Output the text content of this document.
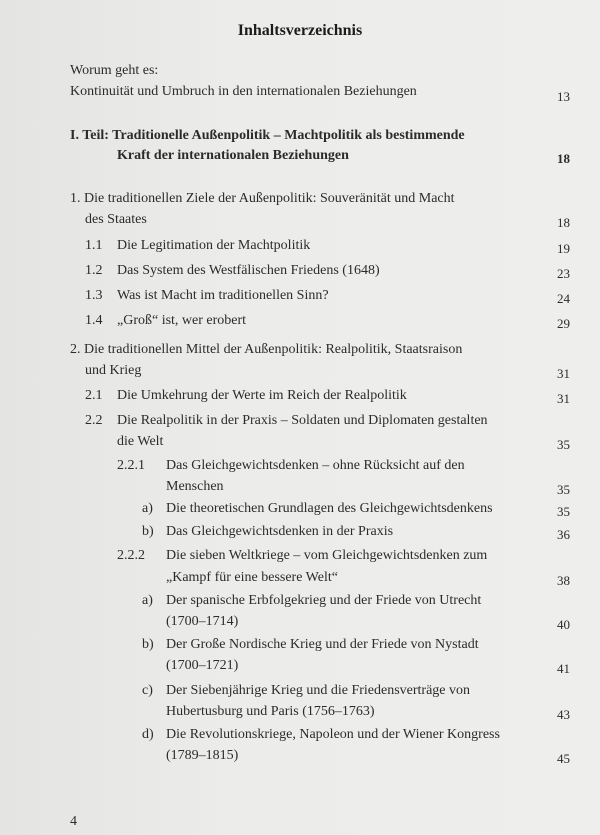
Inhaltsverzeichnis
Worum geht es:
Kontinuität und Umbruch in den internationalen Beziehungen	13
I. Teil: Traditionelle Außenpolitik – Machtpolitik als bestimmende
Kraft der internationalen Beziehungen	18
1. Die traditionellen Ziele der Außenpolitik: Souveränität und Macht
des Staates	18
1.1 Die Legitimation der Machtpolitik	19
1.2 Das System des Westfälischen Friedens (1648)	23
1.3 Was ist Macht im traditionellen Sinn?	24
1.4 „Groß“ ist, wer erobert	29
2. Die traditionellen Mittel der Außenpolitik: Realpolitik, Staatsraison
und Krieg	31
2.1 Die Umkehrung der Werte im Reich der Realpolitik	31
2.2 Die Realpolitik in der Praxis – Soldaten und Diplomaten gestalten
die Welt	35
2.2.1 Das Gleichgewichtsdenken – ohne Rücksicht auf den
Menschen	35
a) Die theoretischen Grundlagen des Gleichgewichtsdenkens	35
b) Das Gleichgewichtsdenken in der Praxis	36
2.2.2 Die sieben Weltkriege – vom Gleichgewichtsdenken zum
„Kampf für eine bessere Welt“	38
a) Der spanische Erbfolgekrieg und der Friede von Utrecht
(1700–1714)	40
b) Der Große Nordische Krieg und der Friede von Nystadt
(1700–1721)	41
c) Der Siebenjährige Krieg und die Friedensverträge von
Hubertusburg und Paris (1756–1763)	43
d) Die Revolutionskriege, Napoleon und der Wiener Kongress
(1789–1815)	45
4
